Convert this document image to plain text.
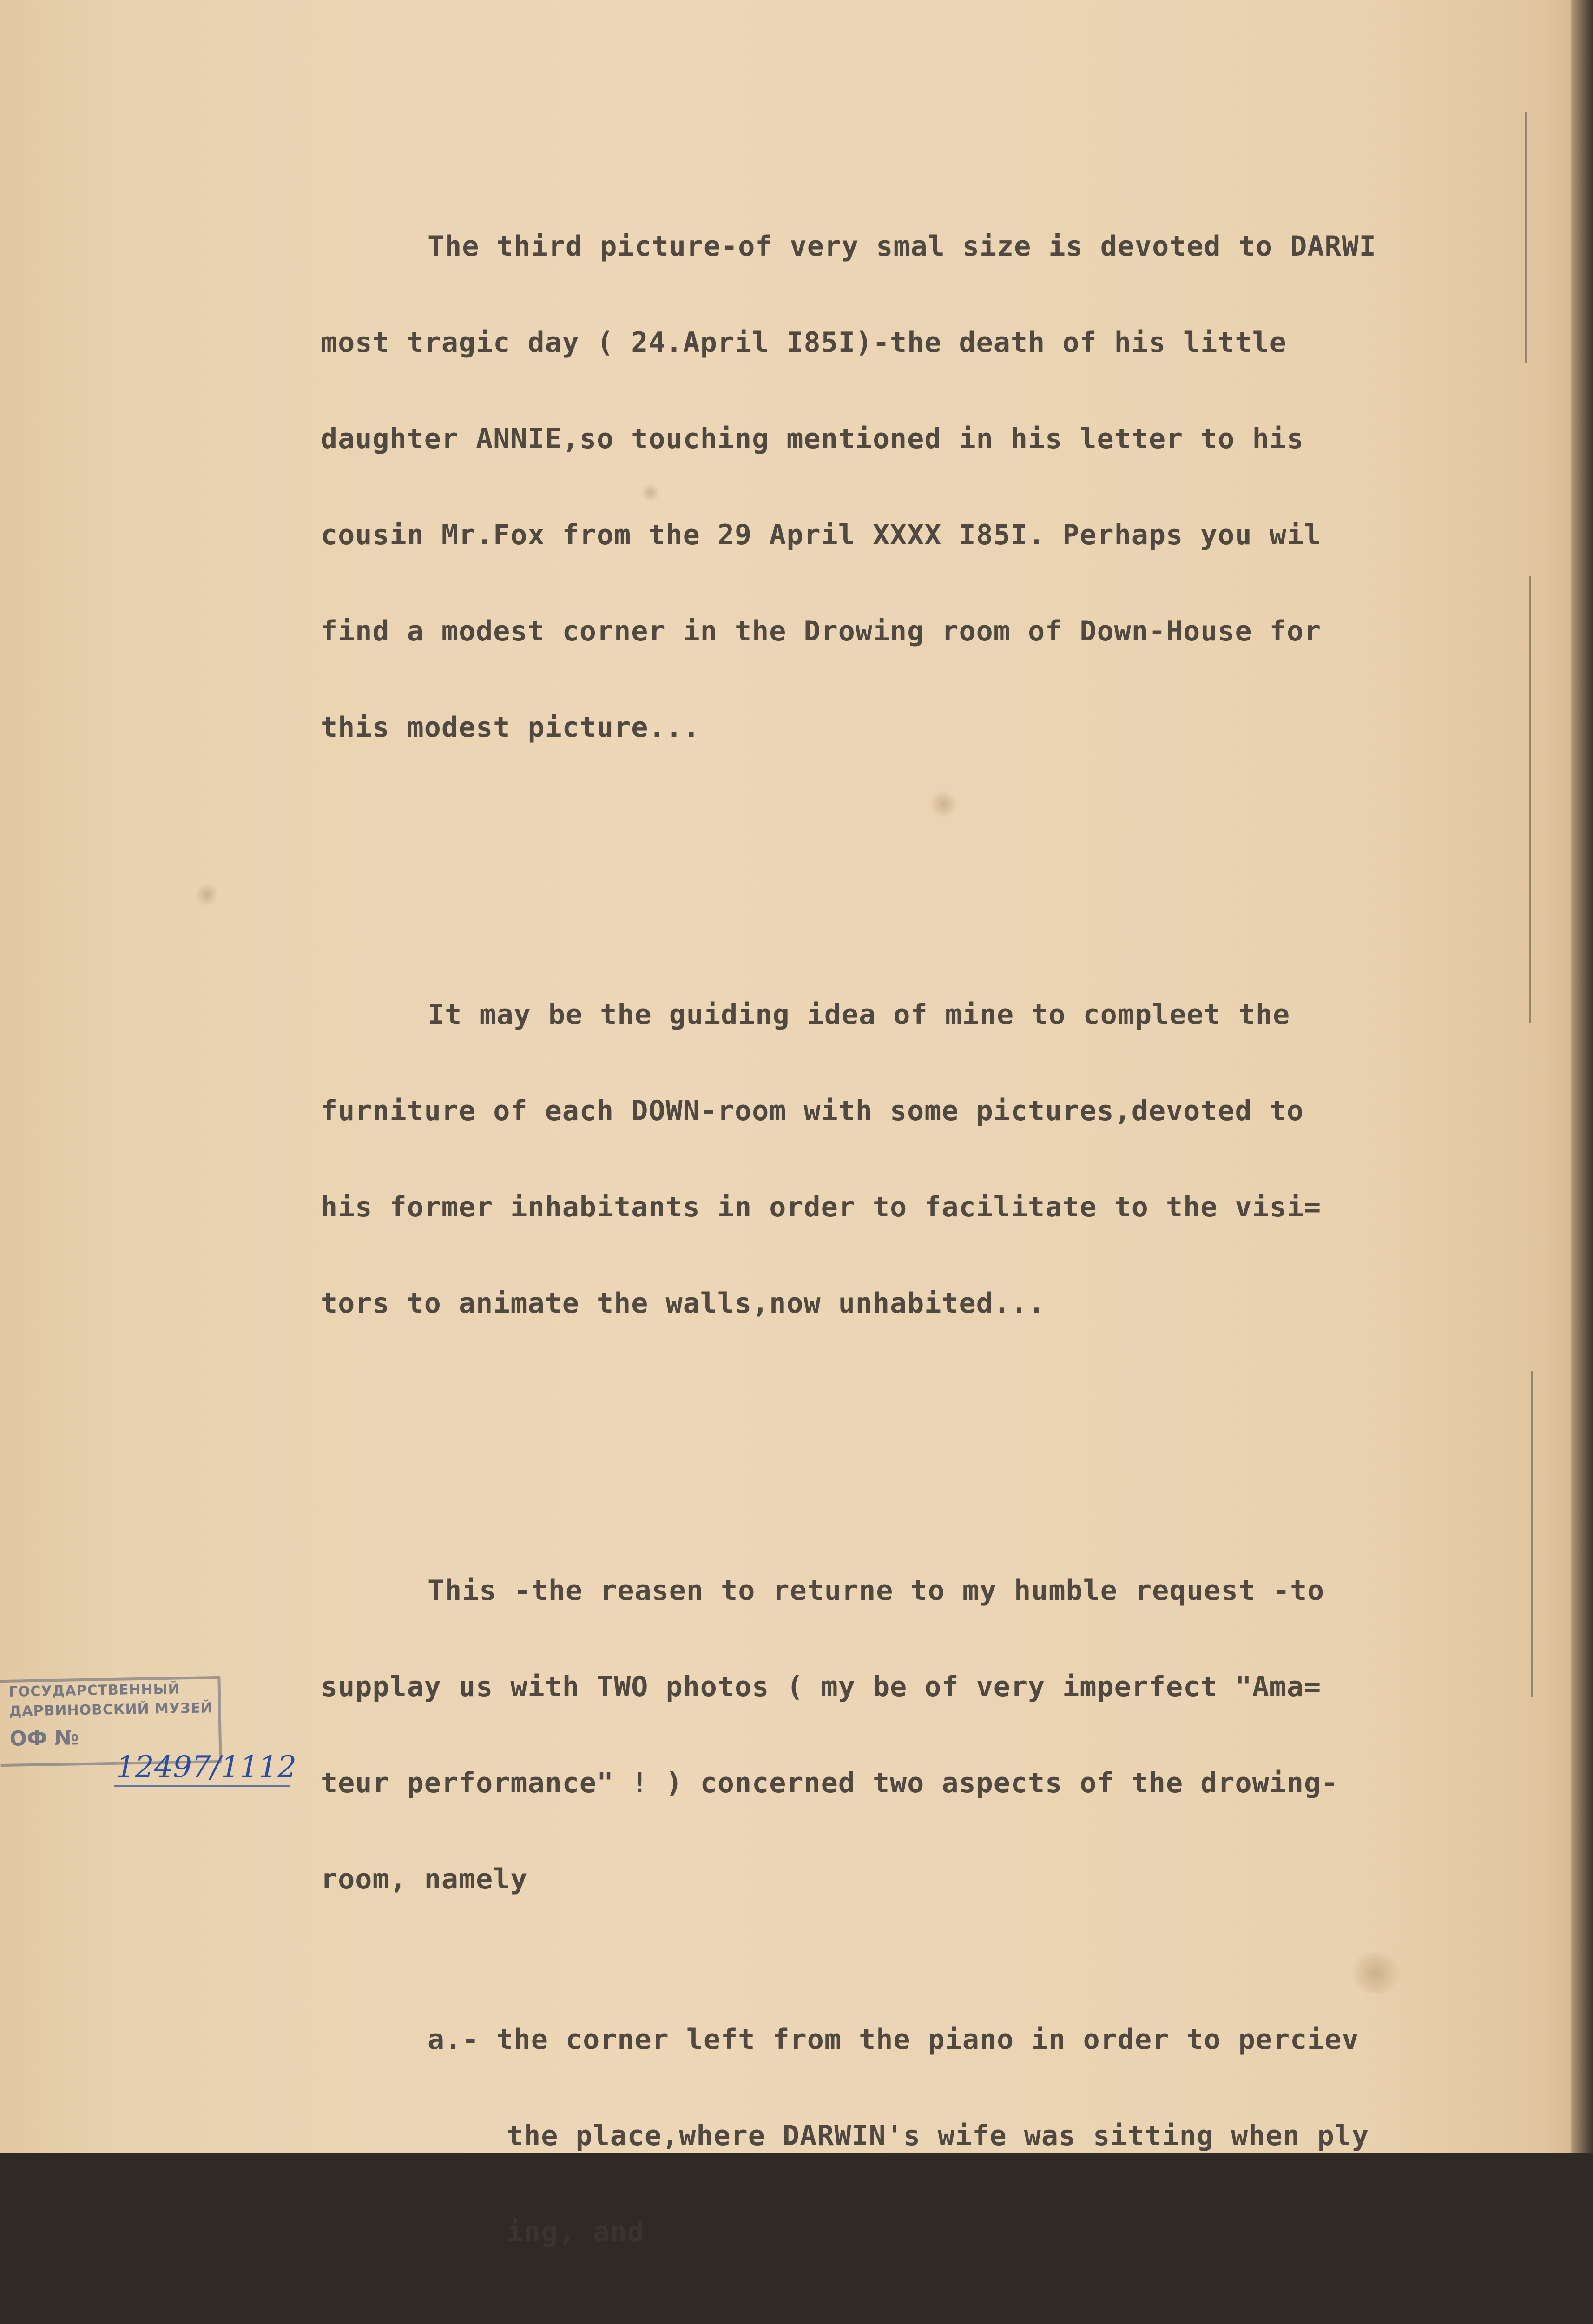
The third picture-of very smal size is devoted to DARWI

most tragic day ( 24.April I85I)-the death of his little

daughter ANNIE,so touching mentioned in his letter to his

cousin Mr.Fox from the 29 April XXXX I85I. Perhaps you wil

find a modest corner in the Drowing room of Down-House for

this modest picture...

It may be the guiding idea of mine to compleet the

furniture of each DOWN-room with some pictures,devoted to

his former inhabitants in order to facilitate to the visi=

tors to animate the walls,now unhabited...

This -the reasen to returne to my humble request -to

supplay us with TWO photos ( my be of very imperfect "Ama=

teur performance" ! ) concerned two aspects of the drowing-

room, namely

a.- the corner left from the piano in order to perciev

the place,where DARWIN's wife was sitting when ply

ing, and

ГОСУДАРСТВЕННЫЙ
ДАРВИНОВСКИЙ МУЗЕЙ
ОФ №
12497/1112
